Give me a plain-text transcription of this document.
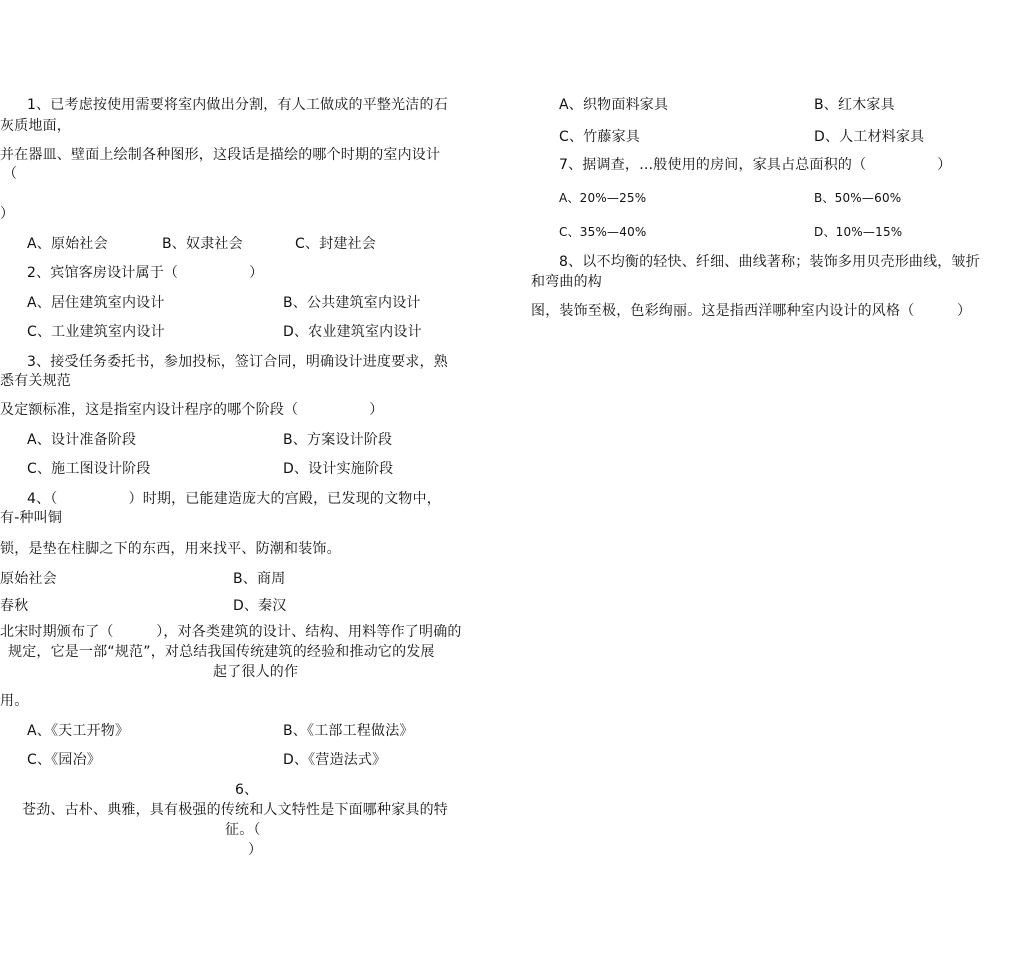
1、已考虑按使用需要将室内做出分割，有人工做成的平整光洁的石
灰质地面，
并在器皿、壁面上绘制各种图形，这段话是描绘的哪个时期的室内设计
（
）
A、原始社会	B、奴隶社会	C、封建社会
2、宾馆客房设计属于（　　　　　）
A、居住建筑室内设计	B、公共建筑室内设计
C、工业建筑室内设计	D、农业建筑室内设计
3、接受任务委托书，参加投标，签订合同，明确设计进度要求，熟
悉有关规范
及定额标准，这是指室内设计程序的哪个阶段（　　　　　）
A、设计准备阶段	B、方案设计阶段
C、施工图设计阶段	D、设计实施阶段
4、（　　　　　）时期，已能建造庞大的宫殿，已发现的文物中，
有-种叫铜
锁，是垫在柱脚之下的东西，用来找平、防潮和装饰。
原始社会	B、商周
春秋	D、秦汉
北宋时期颁布了（　　　），对各类建筑的设计、结构、用料等作了明确的
规定，它是一部“规范”，对总结我国传统建筑的经验和推动它的发展
起了很人的作
用。
A、《天工开物》	B、《工部工程做法》
C、《园冶》	D、《营造法式》
6、
苍劲、古朴、典雅，具有极强的传统和人文特性是下面哪种家具的特
征。（
）
A、织物面料家具	B、红木家具
C、竹藤家具	D、人工材料家具
7、据调查，…般使用的房间，家具占总面积的（　　　　　）
A、20%—25%	B、50%—60%
C、35%—40%	D、10%—15%
8、以不均衡的轻快、纤细、曲线著称；装饰多用贝壳形曲线，皱折
和弯曲的构
图，装饰至极，色彩绚丽。这是指西洋哪种室内设计的风格（　　　）
